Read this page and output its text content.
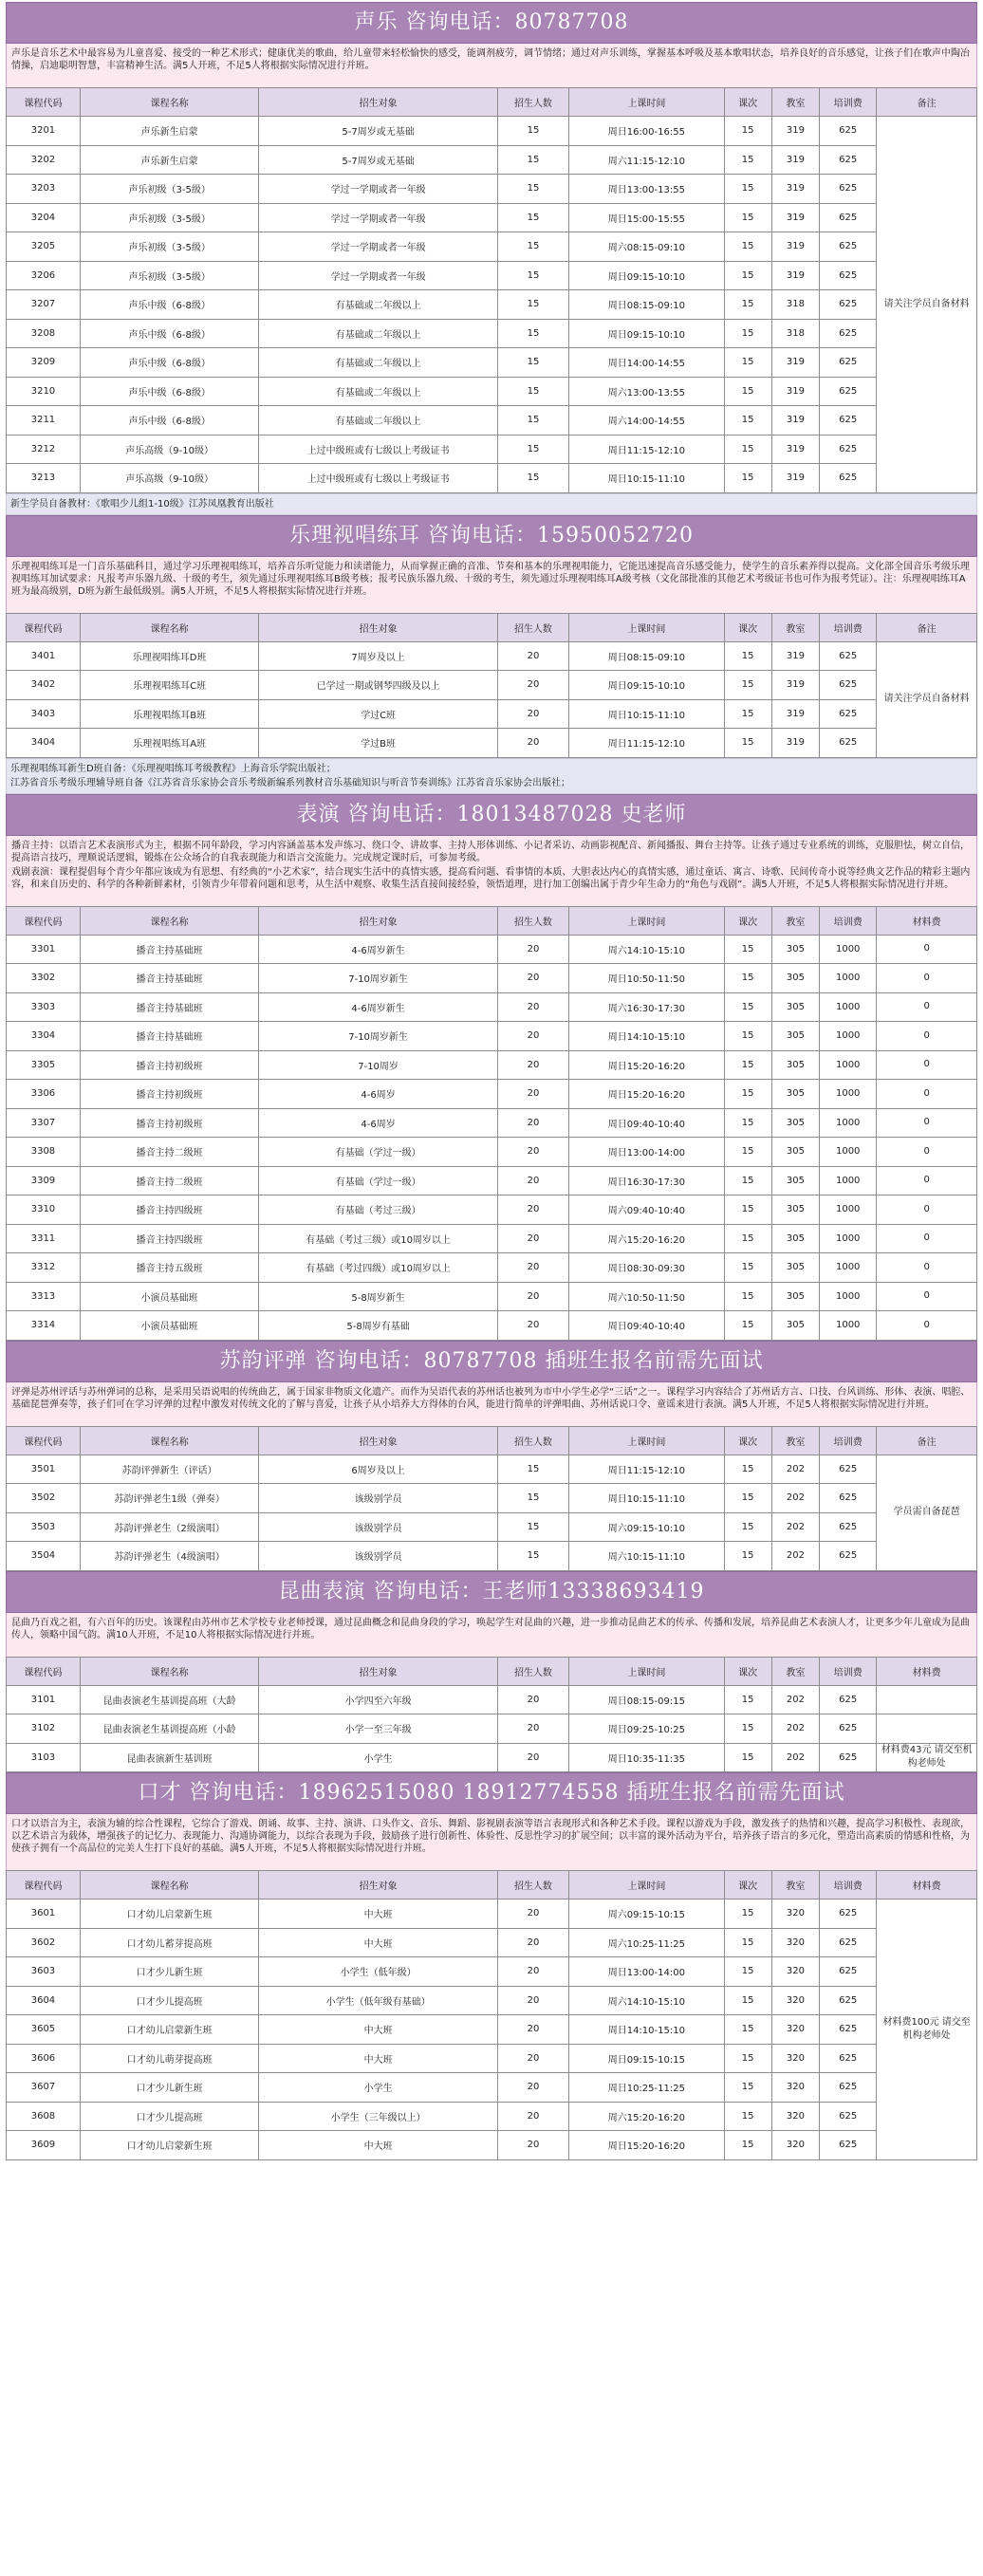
声乐 咨询电话：80787708

声乐是音乐艺术中最容易为儿童喜爱、接受的一种艺术形式；健康优美的歌曲，给儿童带来轻松愉快的感受，能调剂疲劳，调节情绪；通过对声乐训练，掌握基本呼吸及基本歌唱状态，培养良好的音乐感觉，让孩子们在歌声中陶冶情操，启迪聪明智慧，丰富精神生活。满5人开班，不足5人将根据实际情况进行并班。

课程代码	课程名称	招生对象	招生人数	上课时间	课次	教室	培训费	备注
3201	声乐新生启蒙	5-7周岁或无基础	15	周日16:00-16:55	15	319	625	请关注学员自备材料
3202	声乐新生启蒙	5-7周岁或无基础	15	周六11:15-12:10	15	319	625	
3203	声乐初级（3-5级）	学过一学期或者一年级	15	周日13:00-13:55	15	319	625	
3204	声乐初级（3-5级）	学过一学期或者一年级	15	周日15:00-15:55	15	319	625	
3205	声乐初级（3-5级）	学过一学期或者一年级	15	周六08:15-09:10	15	319	625	
3206	声乐初级（3-5级）	学过一学期或者一年级	15	周日09:15-10:10	15	319	625	
3207	声乐中级（6-8级）	有基础或二年级以上	15	周日08:15-09:10	15	318	625	
3208	声乐中级（6-8级）	有基础或二年级以上	15	周日09:15-10:10	15	318	625	
3209	声乐中级（6-8级）	有基础或二年级以上	15	周日14:00-14:55	15	319	625	
3210	声乐中级（6-8级）	有基础或二年级以上	15	周六13:00-13:55	15	319	625	
3211	声乐中级（6-8级）	有基础或二年级以上	15	周六14:00-14:55	15	319	625	
3212	声乐高级（9-10级）	上过中级班或有七级以上考级证书	15	周日11:15-12:10	15	319	625	
3213	声乐高级（9-10级）	上过中级班或有七级以上考级证书	15	周日10:15-11:10	15	319	625	
新生学员自备教材：《歌唱少儿组1-10级》江苏凤凰教育出版社
乐理视唱练耳 咨询电话：15950052720

乐理视唱练耳是一门音乐基础科目，通过学习乐理视唱练耳，培养音乐听觉能力和读谱能力，从而掌握正确的音准、节奏和基本的乐理视唱能力，它能迅速提高音乐感受能力，使学生的音乐素养得以提高。文化部全国音乐考级乐理视唱练耳加试要求：凡报考声乐器九级、十级的考生，须先通过乐理视唱练耳B级考核；报考民族乐器九级、十级的考生，须先通过乐理视唱练耳A级考核（文化部批准的其他艺术考级证书也可作为报考凭证）。注：乐理视唱练耳A班为最高级别，D班为新生最低级别。满5人开班，不足5人将根据实际情况进行并班。

课程代码	课程名称	招生对象	招生人数	上课时间	课次	教室	培训费	备注
3401	乐理视唱练耳D班	7周岁及以上	20	周日08:15-09:10	15	319	625	请关注学员自备材料
3402	乐理视唱练耳C班	已学过一期或钢琴四级及以上	20	周日09:15-10:10	15	319	625	
3403	乐理视唱练耳B班	学过C班	20	周日10:15-11:10	15	319	625	
3404	乐理视唱练耳A班	学过B班	20	周日11:15-12:10	15	319	625	
乐理视唱练耳新生D班自备：《乐理视唱练耳考级教程》上海音乐学院出版社；
江苏省音乐考级乐理辅导班自备《江苏省音乐家协会音乐考级新编系列教材音乐基础知识与听音节奏训练》江苏省音乐家协会出版社；
表演 咨询电话：18013487028 史老师

播音主持：以语言艺术表演形式为主，根据不同年龄段，学习内容涵盖基本发声练习、绕口令、讲故事、主持人形体训练、小记者采访、动画影视配音、新闻播报、舞台主持等。让孩子通过专业系统的训练，克服胆怯，树立自信，提高语言技巧，理顺说话逻辑，锻炼在公众场合的自我表现能力和语言交流能力。完成规定课时后，可参加考级。

戏剧表演：课程提倡每个青少年都应该成为有思想、有经典的“小艺术家”，结合现实生活中的真情实感，提高看问题、看事情的本质、大胆表达内心的真情实感，通过童话、寓言、诗歌、民间传奇小说等经典文艺作品的精彩主题内容，和来自历史的、科学的各种新鲜素材，引领青少年带着问题和思考，从生活中观察、收集生活直接间接经验，领悟道理，进行加工创编出属于青少年生命力的“角色与戏剧”。满5人开班，不足5人将根据实际情况进行并班。

课程代码	课程名称	招生对象	招生人数	上课时间	课次	教室	培训费	材料费
3301	播音主持基础班	4-6周岁新生	20	周六14:10-15:10	15	305	1000	0
3302	播音主持基础班	7-10周岁新生	20	周日10:50-11:50	15	305	1000	0
3303	播音主持基础班	4-6周岁新生	20	周六16:30-17:30	15	305	1000	0
3304	播音主持基础班	7-10周岁新生	20	周日14:10-15:10	15	305	1000	0
3305	播音主持初级班	7-10周岁	20	周日15:20-16:20	15	305	1000	0
3306	播音主持初级班	4-6周岁	20	周日15:20-16:20	15	305	1000	0
3307	播音主持初级班	4-6周岁	20	周日09:40-10:40	15	305	1000	0
3308	播音主持二级班	有基础（学过一级）	20	周日13:00-14:00	15	305	1000	0
3309	播音主持二级班	有基础（学过一级）	20	周日16:30-17:30	15	305	1000	0
3310	播音主持四级班	有基础（考过三级）	20	周六09:40-10:40	15	305	1000	0
3311	播音主持四级班	有基础（考过三级）或10周岁以上	20	周六15:20-16:20	15	305	1000	0
3312	播音主持五级班	有基础（考过四级）或10周岁以上	20	周日08:30-09:30	15	305	1000	0
3313	小演员基础班	5-8周岁新生	20	周六10:50-11:50	15	305	1000	0
3314	小演员基础班	5-8周岁有基础	20	周日09:40-10:40	15	305	1000	0
苏韵评弹 咨询电话：80787708 插班生报名前需先面试

评弹是苏州评话与苏州弹词的总称，是采用吴语说唱的传统曲艺，属于国家非物质文化遗产。而作为吴语代表的苏州话也被列为市中小学生必学“三话”之一。课程学习内容结合了苏州话方言、口技、台风训练、形体、表演、唱腔、基础琵琶弹奏等，孩子们可在学习评弹的过程中激发对传统文化的了解与喜爱，让孩子从小培养大方得体的台风，能进行简单的评弹唱曲、苏州话说口令、童谣来进行表演。满5人开班，不足5人将根据实际情况进行并班。

课程代码	课程名称	招生对象	招生人数	上课时间	课次	教室	培训费	备注
3501	苏韵评弹新生（评话）	6周岁及以上	15	周日11:15-12:10	15	202	625	学员需自备琵琶
3502	苏韵评弹老生1级（弹奏）	该级别学员	15	周日10:15-11:10	15	202	625	
3503	苏韵评弹老生（2级演唱）	该级别学员	15	周六09:15-10:10	15	202	625	
3504	苏韵评弹老生（4级演唱）	该级别学员	15	周六10:15-11:10	15	202	625	
昆曲表演 咨询电话：王老师13338693419

昆曲乃百戏之祖，有六百年的历史。该课程由苏州市艺术学校专业老师授课，通过昆曲概念和昆曲身段的学习，唤起学生对昆曲的兴趣，进一步推动昆曲艺术的传承、传播和发展，培养昆曲艺术表演人才，让更多少年儿童成为昆曲传人，领略中国气韵。满10人开班，不足10人将根据实际情况进行并班。

课程代码	课程名称	招生对象	招生人数	上课时间	课次	教室	培训费	材料费
3101	昆曲表演老生基训提高班（大龄	小学四至六年级	20	周日08:15-09:15	15	202	625	
3102	昆曲表演老生基训提高班（小龄	小学一至三年级	20	周日09:25-10:25	15	202	625	
3103	昆曲表演新生基训班	小学生	20	周日10:35-11:35	15	202	625	材料费43元 请交至机构老师处
口才 咨询电话：18962515080 18912774558 插班生报名前需先面试

口才以语言为主，表演为辅的综合性课程，它综合了游戏、朗诵、故事、主持、演讲、口头作文、音乐、舞蹈、影视剧表演等语言表现形式和各种艺术手段。课程以游戏为手段，激发孩子的热情和兴趣，提高学习积极性、表现欲，以艺术语言为载体，增强孩子的记忆力、表现能力、沟通协调能力，以综合表现为手段，鼓励孩子进行创新性、体验性、反思性学习的扩展空间；以丰富的课外活动为平台，培养孩子语言的多元化，塑造出高素质的情感和性格，为使孩子拥有一个高品位的完美人生打下良好的基础。满5人开班，不足5人将根据实际情况进行并班。

课程代码	课程名称	招生对象	招生人数	上课时间	课次	教室	培训费	材料费
3601	口才幼儿启蒙新生班	中大班	20	周六09:15-10:15	15	320	625	材料费100元 请交至机构老师处
3602	口才幼儿蓄芽提高班	中大班	20	周六10:25-11:25	15	320	625	
3603	口才少儿新生班	小学生（低年级）	20	周日13:00-14:00	15	320	625	
3604	口才少儿提高班	小学生（低年级有基础）	20	周六14:10-15:10	15	320	625	
3605	口才幼儿启蒙新生班	中大班	20	周日14:10-15:10	15	320	625	
3606	口才幼儿萌芽提高班	中大班	20	周日09:15-10:15	15	320	625	
3607	口才少儿新生班	小学生	20	周日10:25-11:25	15	320	625	
3608	口才少儿提高班	小学生（三年级以上）	20	周六15:20-16:20	15	320	625	
3609	口才幼儿启蒙新生班	中大班	20	周日15:20-16:20	15	320	625	
